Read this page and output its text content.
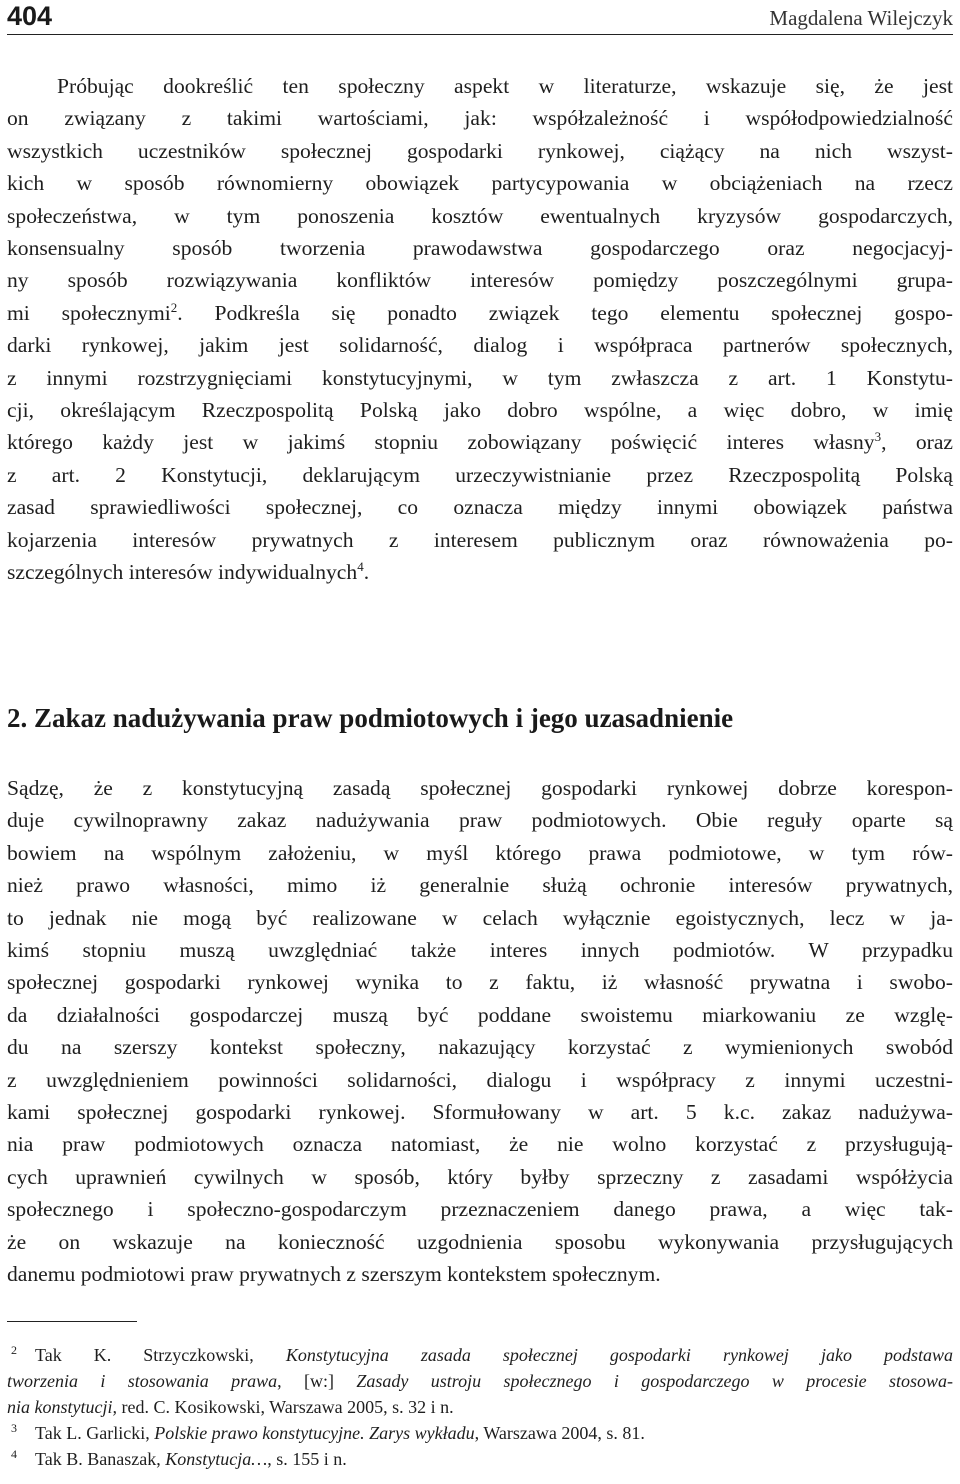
404	Magdalena Wilejczyk
Próbując dookreślić ten społeczny aspekt w literaturze, wskazuje się, że jest
on związany z takimi wartościami, jak: współzależność i współodpowiedzialność
wszystkich uczestników społecznej gospodarki rynkowej, ciążący na nich wszyst-
kich w sposób równomierny obowiązek partycypowania w obciążeniach na rzecz
społeczeństwa, w tym ponoszenia kosztów ewentualnych kryzysów gospodarczych,
konsensualny sposób tworzenia prawodawstwa gospodarczego oraz negocjacyj-
ny sposób rozwiązywania konfliktów interesów pomiędzy poszczególnymi grupa-
mi społecznymi$^2$. Podkreśla się ponadto związek tego elementu społecznej gospo-
darki rynkowej, jakim jest solidarność, dialog i współpraca partnerów społecznych,
z innymi rozstrzygnięciami konstytucyjnymi, w tym zwłaszcza z art. 1 Konstytu-
cji, określającym Rzeczpospolitą Polską jako dobro wspólne, a więc dobro, w imię
którego każdy jest w jakimś stopniu zobowiązany poświęcić interes własny$^3$, oraz
z art. 2 Konstytucji, deklarującym urzeczywistnianie przez Rzeczpospolitą Polską
zasad sprawiedliwości społecznej, co oznacza między innymi obowiązek państwa
kojarzenia interesów prywatnych z interesem publicznym oraz równoważenia po-
szczególnych interesów indywidualnych$^4$.
2. Zakaz nadużywania praw podmiotowych i jego uzasadnienie
Sądzę, że z konstytucyjną zasadą społecznej gospodarki rynkowej dobrze korespon-
duje cywilnoprawny zakaz nadużywania praw podmiotowych. Obie reguły oparte są
bowiem na wspólnym założeniu, w myśl którego prawa podmiotowe, w tym rów-
nież prawo własności, mimo iż generalnie służą ochronie interesów prywatnych,
to jednak nie mogą być realizowane w celach wyłącznie egoistycznych, lecz w ja-
kimś stopniu muszą uwzględniać także interes innych podmiotów. W przypadku
społecznej gospodarki rynkowej wynika to z faktu, iż własność prywatna i swobo-
da działalności gospodarczej muszą być poddane swoistemu miarkowaniu ze wzglę-
du na szerszy kontekst społeczny, nakazujący korzystać z wymienionych swobód
z uwzględnieniem powinności solidarności, dialogu i współpracy z innymi uczestni-
kami społecznej gospodarki rynkowej. Sformułowany w art. 5 k.c. zakaz nadużywa-
nia praw podmiotowych oznacza natomiast, że nie wolno korzystać z przysługują-
cych uprawnień cywilnych w sposób, który byłby sprzeczny z zasadami współżycia
społecznego i społeczno-gospodarczym przeznaczeniem danego prawa, a więc tak-
że on wskazuje na konieczność uzgodnienia sposobu wykonywania przysługujących
danemu podmiotowi praw prywatnych z szerszym kontekstem społecznym.
2 Tak K. Strzyczkowski, Konstytucyjna zasada społecznej gospodarki rynkowej jako podstawa
tworzenia i stosowania prawa, [w:] Zasady ustroju społecznego i gospodarczego w procesie stosowa-
nia konstytucji, red. C. Kosikowski, Warszawa 2005, s. 32 i n.
3 Tak L. Garlicki, Polskie prawo konstytucyjne. Zarys wykładu, Warszawa 2004, s. 81.
4 Tak B. Banaszak, Konstytucja…, s. 155 i n.
